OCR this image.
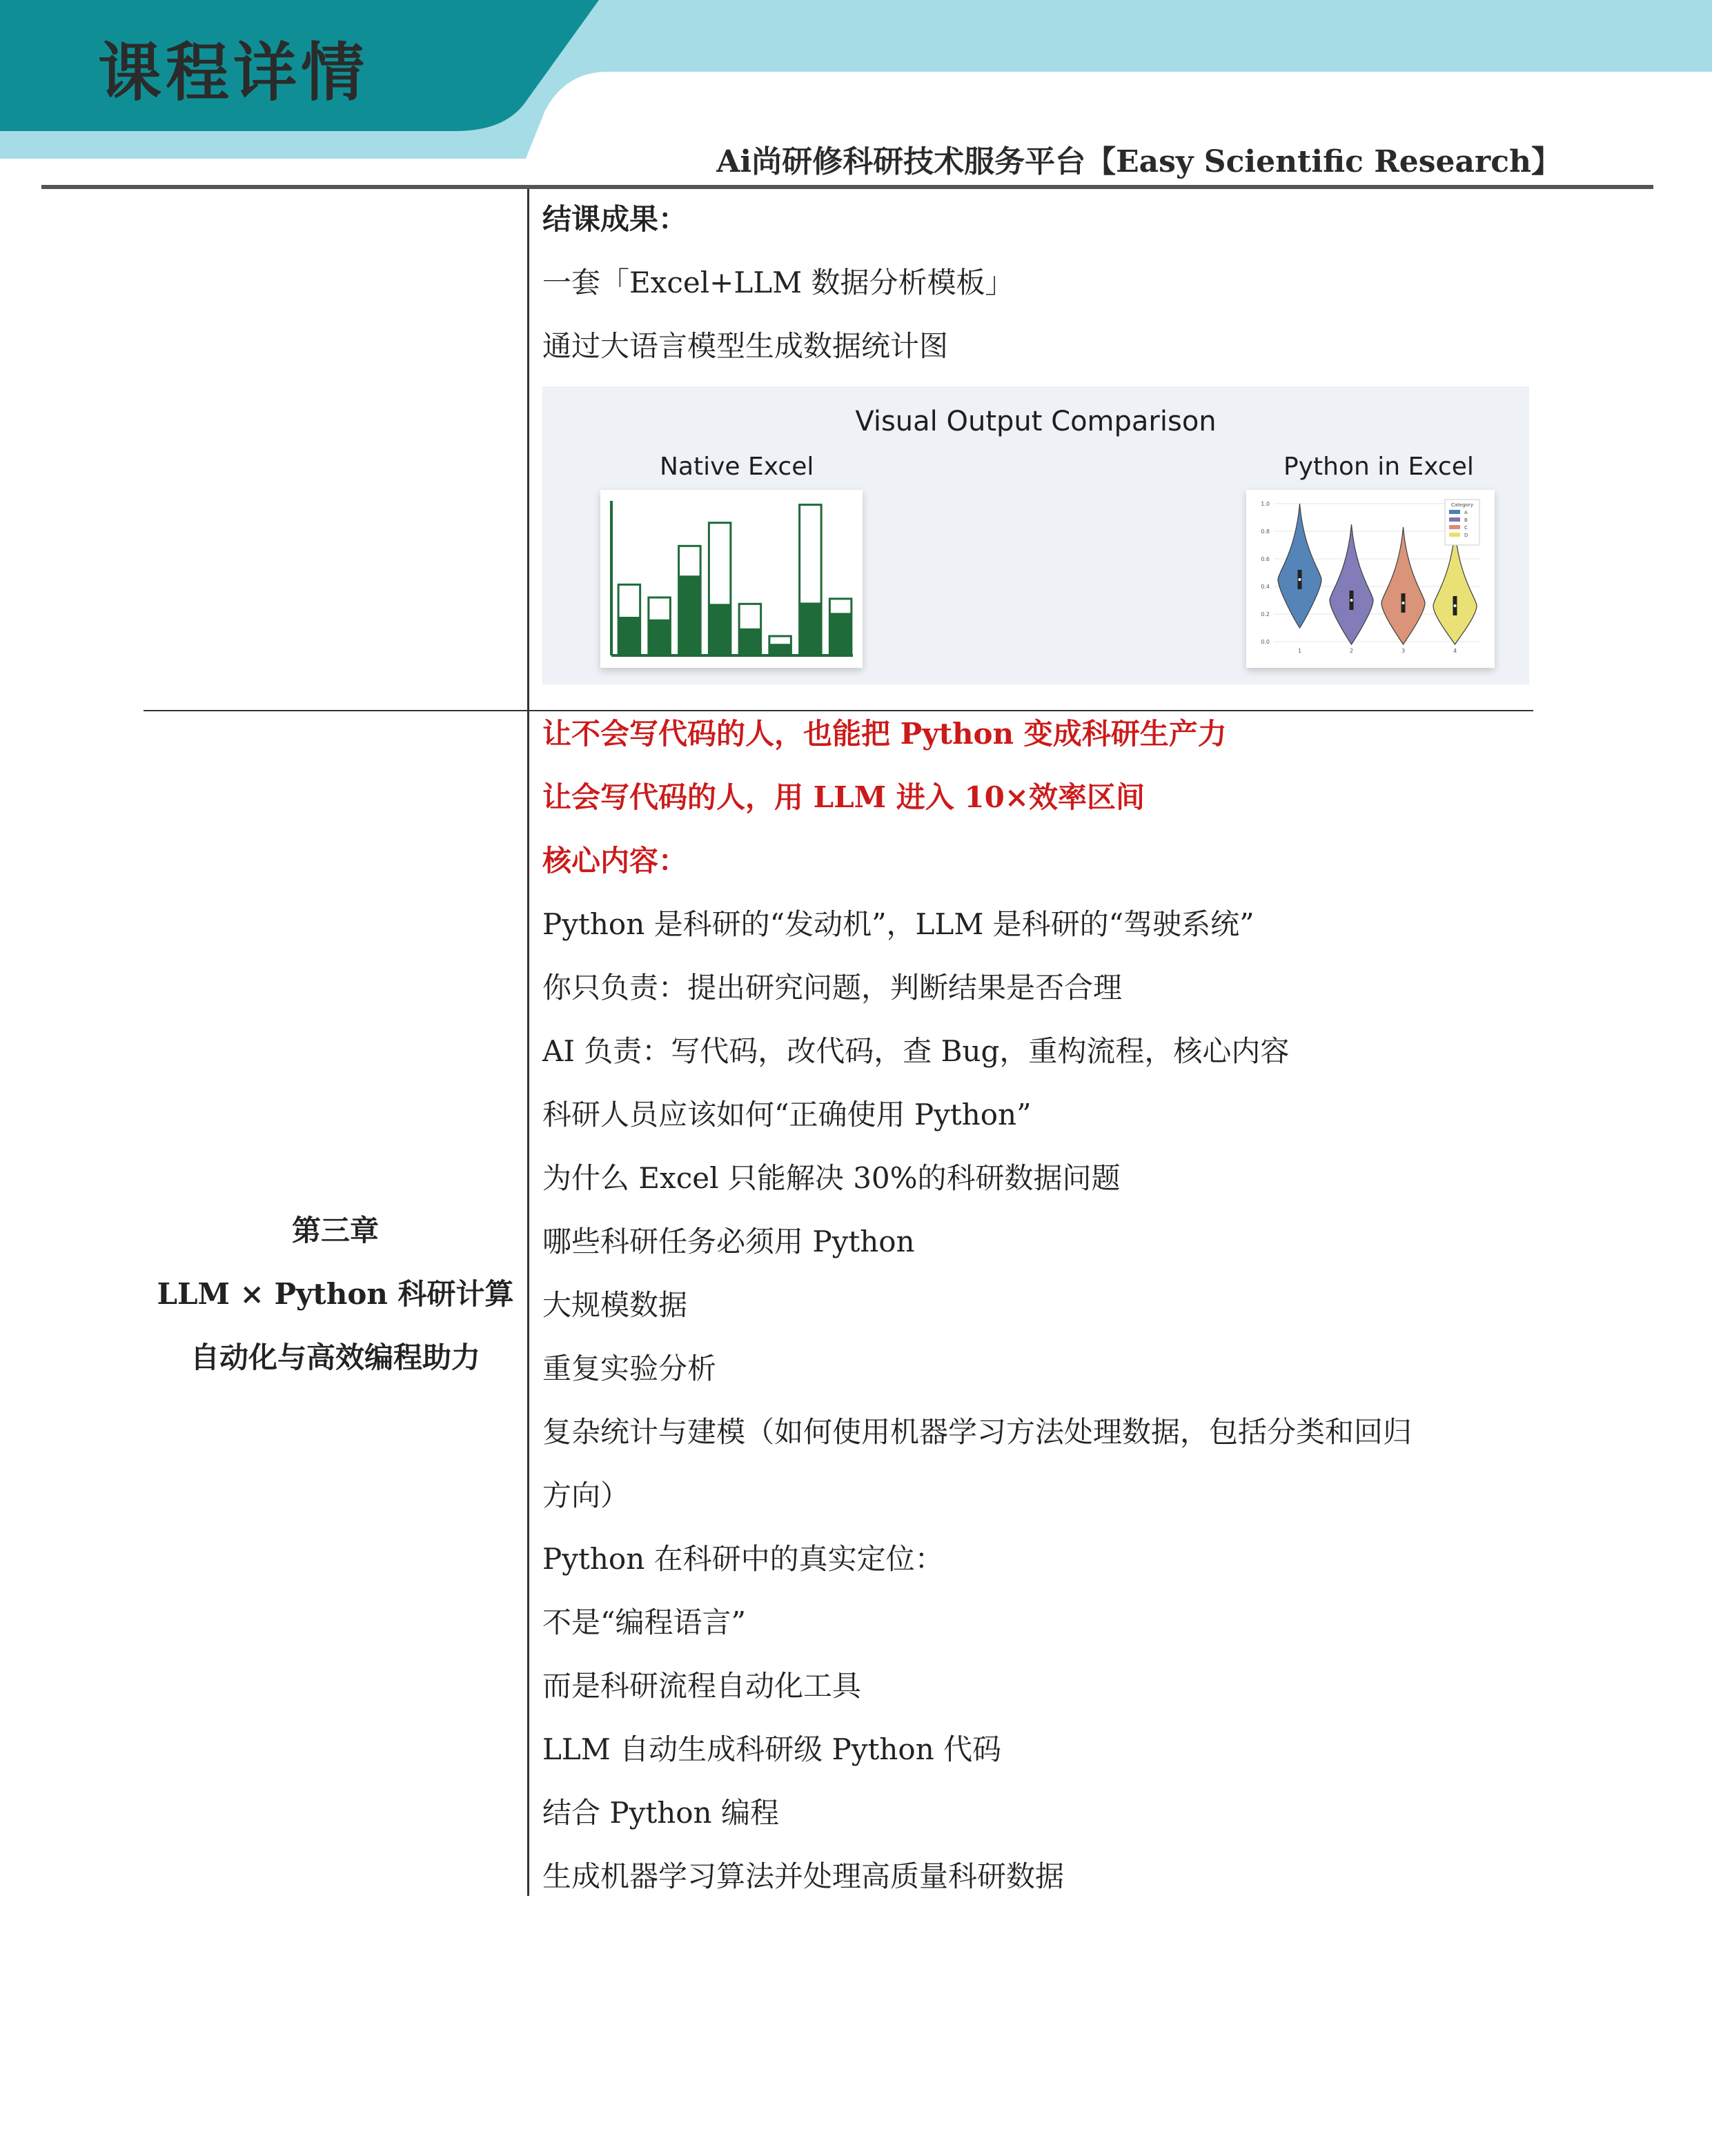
课程详情
Ai尚研修科研技术服务平台【Easy Scientific Research】
结课成果：
一套「Excel+LLM 数据分析模板」
通过大语言模型生成数据统计图
Visual Output Comparison
Native Excel	Python in Excel
0.0
0.2
0.4
0.6
0.8
1.0
1	2	3	4
Category
A
B
C
D
第三章
LLM × Python 科研计算
自动化与高效编程助力
让不会写代码的人，也能把 Python 变成科研生产力
让会写代码的人，用 LLM 进入 10×效率区间
核心内容：
Python 是科研的“发动机”，LLM 是科研的“驾驶系统”
你只负责：提出研究问题，判断结果是否合理
AI 负责：写代码，改代码，查 Bug，重构流程，核心内容
科研人员应该如何“正确使用 Python”
为什么 Excel 只能解决 30%的科研数据问题
哪些科研任务必须用 Python
大规模数据
重复实验分析
复杂统计与建模（如何使用机器学习方法处理数据，包括分类和回归
方向）
Python 在科研中的真实定位：
不是“编程语言”
而是科研流程自动化工具
LLM 自动生成科研级 Python 代码
结合 Python 编程
生成机器学习算法并处理高质量科研数据
